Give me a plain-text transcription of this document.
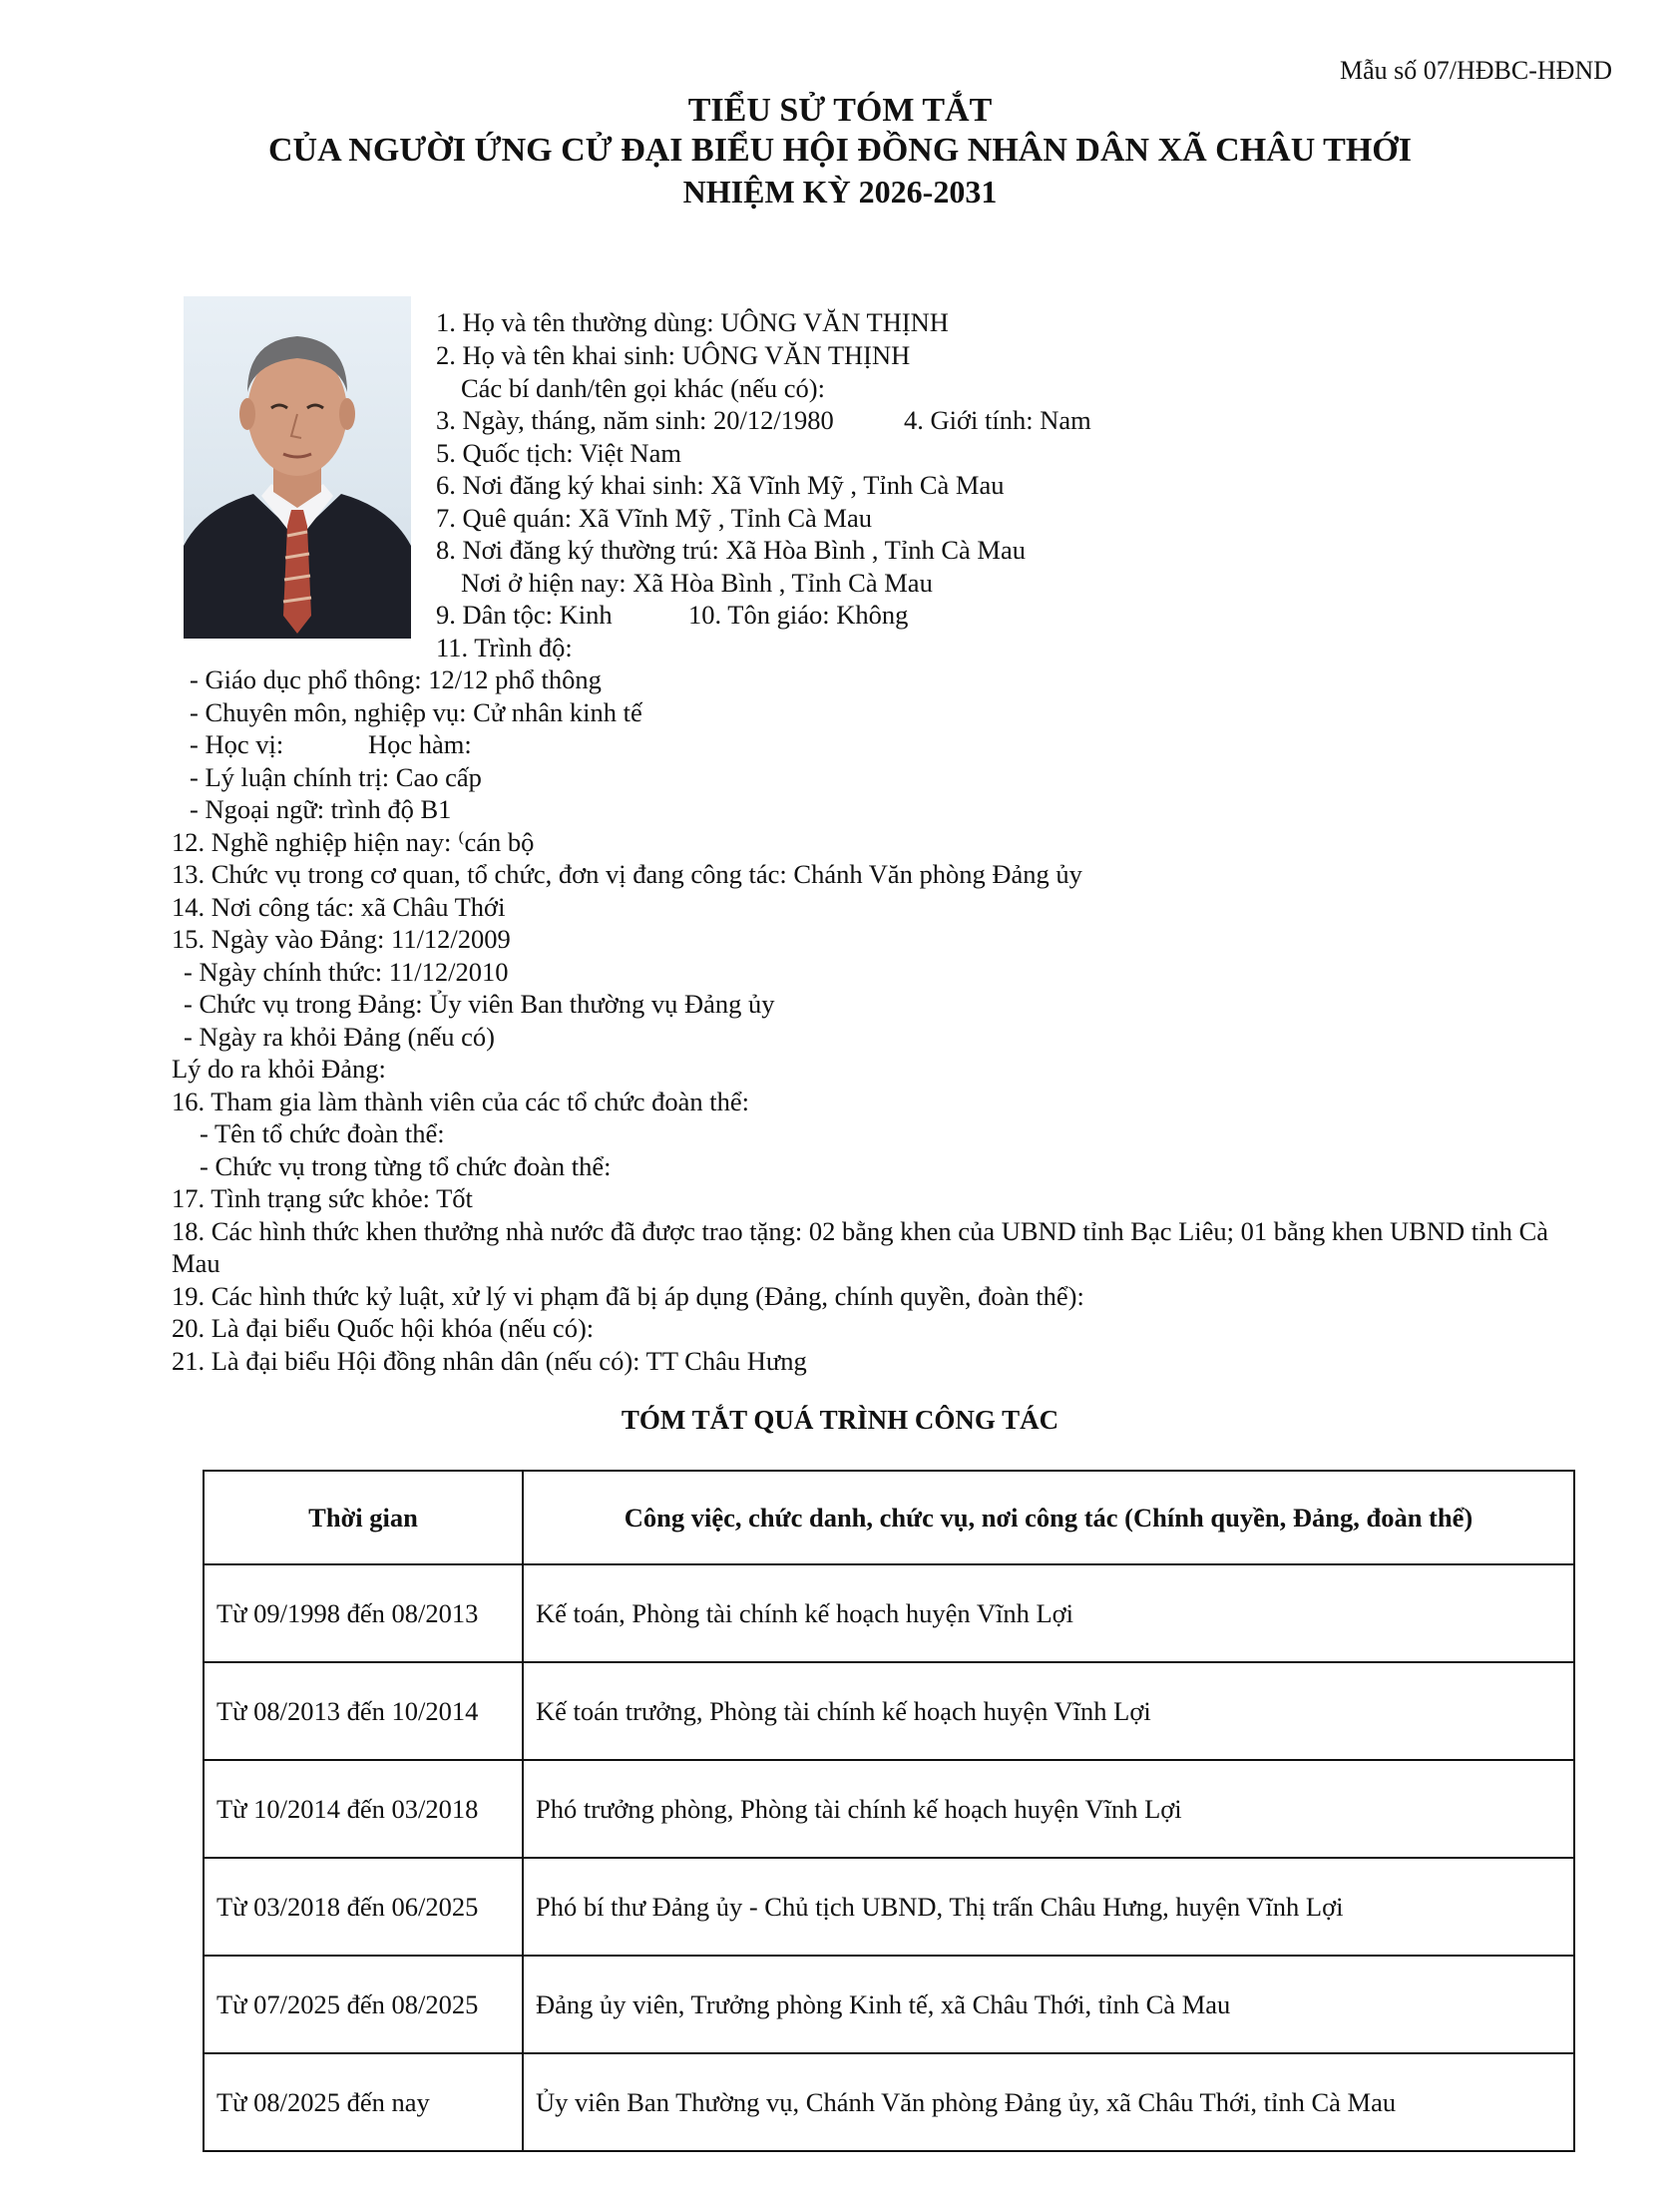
Mẫu số 07/HĐBC-HĐND
TIỂU SỬ TÓM TẮT
CỦA NGƯỜI ỨNG CỬ ĐẠI BIỂU HỘI ĐỒNG NHÂN DÂN XÃ CHÂU THỚI
NHIỆM KỲ 2026-2031
1. Họ và tên thường dùng: UÔNG VĂN THỊNH
2. Họ và tên khai sinh: UÔNG VĂN THỊNH
Các bí danh/tên gọi khác (nếu có):
3. Ngày, tháng, năm sinh: 20/12/1980	4. Giới tính: Nam
5. Quốc tịch: Việt Nam
6. Nơi đăng ký khai sinh: Xã Vĩnh Mỹ , Tỉnh Cà Mau
7. Quê quán: Xã Vĩnh Mỹ , Tỉnh Cà Mau
8. Nơi đăng ký thường trú: Xã Hòa Bình , Tỉnh Cà Mau
Nơi ở hiện nay: Xã Hòa Bình , Tỉnh Cà Mau
9. Dân tộc: Kinh	10. Tôn giáo: Không
11. Trình độ:
- Giáo dục phổ thông: 12/12 phổ thông
- Chuyên môn, nghiệp vụ: Cử nhân kinh tế
- Học vị:	Học hàm:
- Lý luận chính trị: Cao cấp
- Ngoại ngữ: trình độ B1
12. Nghề nghiệp hiện nay: ⁽cán bộ
13. Chức vụ trong cơ quan, tổ chức, đơn vị đang công tác: Chánh Văn phòng Đảng ủy
14. Nơi công tác: xã Châu Thới
15. Ngày vào Đảng: 11/12/2009
- Ngày chính thức: 11/12/2010
- Chức vụ trong Đảng: Ủy viên Ban thường vụ Đảng ủy
- Ngày ra khỏi Đảng (nếu có)
Lý do ra khỏi Đảng:
16. Tham gia làm thành viên của các tổ chức đoàn thể:
- Tên tổ chức đoàn thể:
- Chức vụ trong từng tổ chức đoàn thể:
17. Tình trạng sức khỏe: Tốt
18. Các hình thức khen thưởng nhà nước đã được trao tặng: 02 bằng khen của UBND tỉnh Bạc Liêu; 01 bằng khen UBND tỉnh Cà
Mau
19. Các hình thức kỷ luật, xử lý vi phạm đã bị áp dụng (Đảng, chính quyền, đoàn thể):
20. Là đại biểu Quốc hội khóa (nếu có):
21. Là đại biểu Hội đồng nhân dân (nếu có): TT Châu Hưng
TÓM TẮT QUÁ TRÌNH CÔNG TÁC
Thời gian	Công việc, chức danh, chức vụ, nơi công tác (Chính quyền, Đảng, đoàn thể)
Từ 09/1998 đến 08/2013	Kế toán, Phòng tài chính kế hoạch huyện Vĩnh Lợi
Từ 08/2013 đến 10/2014	Kế toán trưởng, Phòng tài chính kế hoạch huyện Vĩnh Lợi
Từ 10/2014 đến 03/2018	Phó trưởng phòng, Phòng tài chính kế hoạch huyện Vĩnh Lợi
Từ 03/2018 đến 06/2025	Phó bí thư Đảng ủy - Chủ tịch UBND, Thị trấn Châu Hưng, huyện Vĩnh Lợi
Từ 07/2025 đến 08/2025	Đảng ủy viên, Trưởng phòng Kinh tế, xã Châu Thới, tỉnh Cà Mau
Từ 08/2025 đến nay	Ủy viên Ban Thường vụ, Chánh Văn phòng Đảng ủy, xã Châu Thới, tỉnh Cà Mau
